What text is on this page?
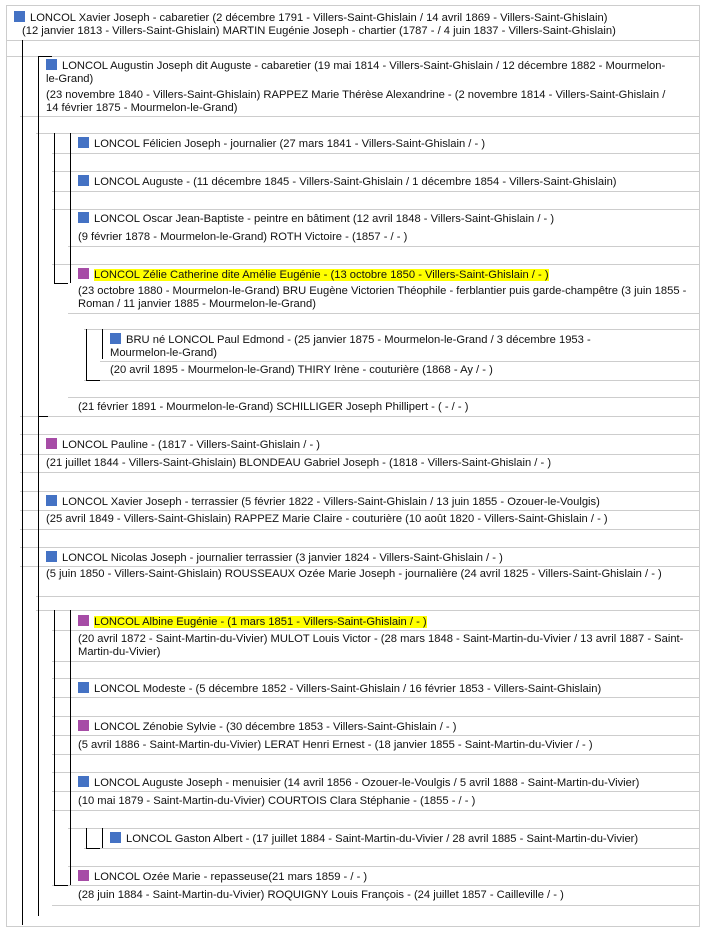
LONCOL Xavier Joseph - cabaretier (2 décembre 1791 - Villers-Saint-Ghislain / 14 avril 1869 - Villers-Saint-Ghislain)
(12 janvier 1813 - Villers-Saint-Ghislain) MARTIN Eugénie Joseph - chartier (1787 - / 4 juin 1837 - Villers-Saint-Ghislain)
LONCOL Augustin Joseph dit Auguste - cabaretier (19 mai 1814 - Villers-Saint-Ghislain / 12 décembre 1882 - Mourmelon-le-Grand)
(23 novembre 1840 - Villers-Saint-Ghislain) RAPPEZ Marie Thérèse Alexandrine - (2 novembre 1814 - Villers-Saint-Ghislain / 14 février 1875 - Mourmelon-le-Grand)
LONCOL Félicien Joseph - journalier (27 mars 1841 - Villers-Saint-Ghislain / - )
LONCOL Auguste - (11 décembre 1845 - Villers-Saint-Ghislain / 1 décembre 1854 - Villers-Saint-Ghislain)
LONCOL Oscar Jean-Baptiste - peintre en bâtiment (12 avril 1848 - Villers-Saint-Ghislain / - )
(9 février 1878 - Mourmelon-le-Grand) ROTH Victoire - (1857 - / - )
LONCOL Zélie Catherine dite Amélie Eugénie - (13 octobre 1850 - Villers-Saint-Ghislain / - )
(23 octobre 1880 - Mourmelon-le-Grand) BRU Eugène Victorien Théophile - ferblantier puis garde-champêtre (3 juin 1855 - Roman / 11 janvier 1885 - Mourmelon-le-Grand)
BRU né LONCOL Paul Edmond - (25 janvier 1875 - Mourmelon-le-Grand / 3 décembre 1953 - Mourmelon-le-Grand)
(20 avril 1895 - Mourmelon-le-Grand) THIRY Irène - couturière (1868 - Ay / - )
(21 février 1891 - Mourmelon-le-Grand) SCHILLIGER Joseph Phillipert - ( - / - )
LONCOL Pauline - (1817 - Villers-Saint-Ghislain / - )
(21 juillet 1844 - Villers-Saint-Ghislain) BLONDEAU Gabriel Joseph - (1818 - Villers-Saint-Ghislain / - )
LONCOL Xavier Joseph - terrassier (5 février 1822 - Villers-Saint-Ghislain / 13 juin 1855 - Ozouer-le-Voulgis)
(25 avril 1849 - Villers-Saint-Ghislain) RAPPEZ Marie Claire - couturière (10 août 1820 - Villers-Saint-Ghislain / - )
LONCOL Nicolas Joseph - journalier terrassier (3 janvier 1824 - Villers-Saint-Ghislain / - )
(5 juin 1850 - Villers-Saint-Ghislain) ROUSSEAUX Ozée Marie Joseph - journalière (24 avril 1825 - Villers-Saint-Ghislain / - )
LONCOL Albine Eugénie - (1 mars 1851 - Villers-Saint-Ghislain / - )
(20 avril 1872 - Saint-Martin-du-Vivier) MULOT Louis Victor - (28 mars 1848 - Saint-Martin-du-Vivier / 13 avril 1887 - Saint-Martin-du-Vivier)
LONCOL Modeste - (5 décembre 1852 - Villers-Saint-Ghislain / 16 février 1853 - Villers-Saint-Ghislain)
LONCOL Zénobie Sylvie - (30 décembre 1853 - Villers-Saint-Ghislain / - )
(5 avril 1886 - Saint-Martin-du-Vivier) LERAT Henri Ernest - (18 janvier 1855 - Saint-Martin-du-Vivier / - )
LONCOL Auguste Joseph - menuisier (14 avril 1856 - Ozouer-le-Voulgis / 5 avril 1888 - Saint-Martin-du-Vivier)
(10 mai 1879 - Saint-Martin-du-Vivier) COURTOIS Clara Stéphanie - (1855 - / - )
LONCOL Gaston Albert - (17 juillet 1884 - Saint-Martin-du-Vivier / 28 avril 1885 - Saint-Martin-du-Vivier)
LONCOL Ozée Marie - repasseuse(21 mars 1859 - / - )
(28 juin 1884 - Saint-Martin-du-Vivier) ROQUIGNY Louis François - (24 juillet 1857 - Cailleville / - )
